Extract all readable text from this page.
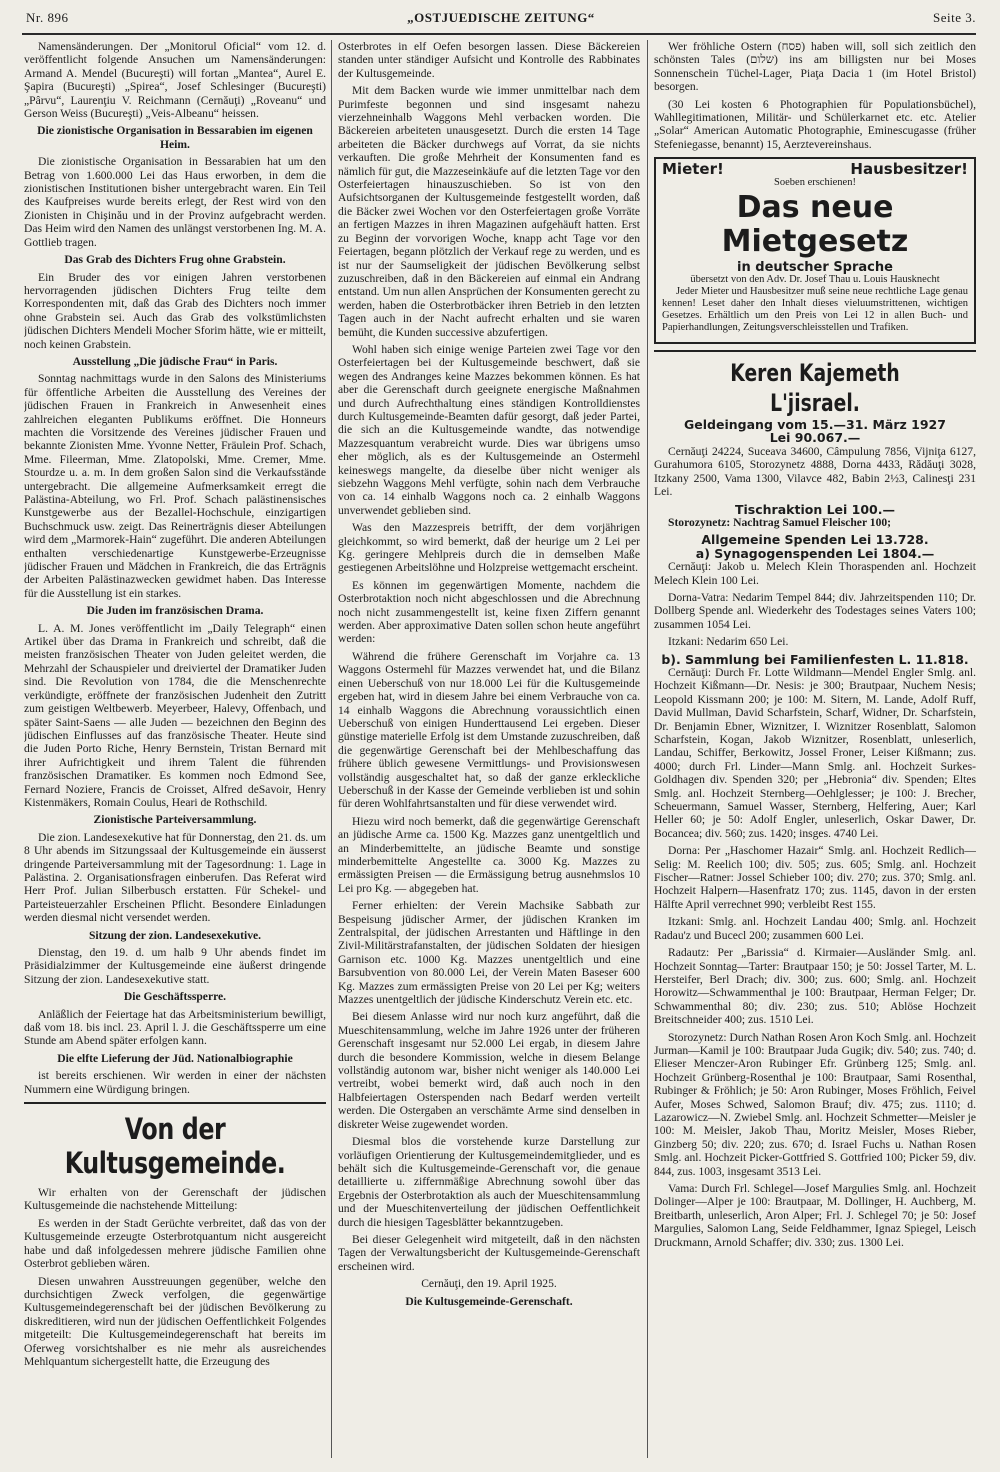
Nr. 896	„OSTJUEDISCHE ZEITUNG“	Seite 3.

Namensänderungen. Der „Monitorul Oficial“ vom 12. d. veröffentlicht folgende Ansuchen um Namensänderungen: Armand A. Mendel (Bucureşti) will fortan „Mantea“, Aurel E. Şapira (Bucureşti) „Spirea“, Josef Schlesinger (Bucureşti) „Pârvu“, Laurenţiu V. Reichmann (Cernăuţi) „Roveanu“ und Gerson Weiss (Bucureşti) „Veis-Albeanu“ heissen.

Die zionistische Organisation in Bessarabien im eigenen Heim.

Die zionistische Organisation in Bessarabien hat um den Betrag von 1.600.000 Lei das Haus erworben, in dem die zionistischen Institutionen bisher untergebracht waren. Ein Teil des Kaufpreises wurde bereits erlegt, der Rest wird von den Zionisten in Chişinău und in der Provinz aufgebracht werden. Das Heim wird den Namen des unlängst verstorbenen Ing. M. A. Gottlieb tragen.

Das Grab des Dichters Frug ohne Grabstein.

Ein Bruder des vor einigen Jahren verstorbenen hervorragenden jüdischen Dichters Frug teilte dem Korrespondenten mit, daß das Grab des Dichters noch immer ohne Grabstein sei. Auch das Grab des volkstümlichsten jüdischen Dichters Mendeli Mocher Sforim hätte, wie er mitteilt, noch keinen Grabstein.

Ausstellung „Die jüdische Frau“ in Paris.

Sonntag nachmittags wurde in den Salons des Ministeriums für öffentliche Arbeiten die Ausstellung des Vereines der jüdischen Frauen in Frankreich in Anwesenheit eines zahlreichen eleganten Publikums eröffnet. Die Honneurs machten die Vorsitzende des Vereines jüdischer Frauen und bekannte Zionisten Mme. Yvonne Netter, Fräulein Prof. Schach, Mme. Fileerman, Mme. Zlatopolski, Mme. Cremer, Mme. Stourdze u. a. m. In dem großen Salon sind die Verkaufsstände untergebracht. Die allgemeine Aufmerksamkeit erregt die Palästina-Abteilung, wo Frl. Prof. Schach palästinensisches Kunstgewerbe aus der Bezallel-Hochschule, einzigartigen Buchschmuck usw. zeigt. Das Reinerträgnis dieser Abteilungen wird dem „Marmorek-Hain“ zugeführt. Die anderen Abteilungen enthalten verschiedenartige Kunstgewerbe-Erzeugnisse jüdischer Frauen und Mädchen in Frankreich, die das Erträgnis der Arbeiten Palästinazwecken gewidmet haben. Das Interesse für die Ausstellung ist ein starkes.

Die Juden im französischen Drama.

L. A. M. Jones veröffentlicht im „Daily Telegraph“ einen Artikel über das Drama in Frankreich und schreibt, daß die meisten französischen Theater von Juden geleitet werden, die Mehrzahl der Schauspieler und dreiviertel der Dramatiker Juden sind. Die Revolution von 1784, die die Menschenrechte verkündigte, eröffnete der französischen Judenheit den Zutritt zum geistigen Weltbewerb. Meyerbeer, Halevy, Offenbach, und später Saint-Saens — alle Juden — bezeichnen den Beginn des jüdischen Einflusses auf das französische Theater. Heute sind die Juden Porto Riche, Henry Bernstein, Tristan Bernard mit ihrer Aufrichtigkeit und ihrem Talent die führenden französischen Dramatiker. Es kommen noch Edmond See, Fernard Noziere, Francis de Croisset, Alfred deSavoir, Henry Kistenmäkers, Romain Coulus, Heari de Rothschild.

Zionistische Parteiversammlung.

Die zion. Landesexekutive hat für Donnerstag, den 21. ds. um 8 Uhr abends im Sitzungssaal der Kultusgemeinde ein äusserst dringende Parteiversammlung mit der Tagesordnung: 1. Lage in Palästina. 2. Organisationsfragen einberufen. Das Referat wird Herr Prof. Julian Silberbusch erstatten. Für Schekel- und Parteisteuerzahler Erscheinen Pflicht. Besondere Einladungen werden diesmal nicht versendet werden.

Sitzung der zion. Landesexekutive.

Dienstag, den 19. d. um halb 9 Uhr abends findet im Präsidialzimmer der Kultusgemeinde eine äußerst dringende Sitzung der zion. Landesexekutive statt.

Die Geschäftssperre.

Anläßlich der Feiertage hat das Arbeitsministerium bewilligt, daß vom 18. bis incl. 23. April l. J. die Geschäftssperre um eine Stunde am Abend später erfolgen kann.

Die elfte Lieferung der Jüd. Nationalbiographie

ist bereits erschienen. Wir werden in einer der nächsten Nummern eine Würdigung bringen.

Von der Kultusgemeinde.

Wir erhalten von der Gerenschaft der jüdischen Kultusgemeinde die nachstehende Mitteilung:

Es werden in der Stadt Gerüchte verbreitet, daß das von der Kultusgemeinde erzeugte Osterbrotquantum nicht ausgereicht habe und daß infolgedessen mehrere jüdische Familien ohne Osterbrot geblieben wären.

Diesen unwahren Ausstreuungen gegenüber, welche den durchsichtigen Zweck verfolgen, die gegenwärtige Kultusgemeindegerenschaft bei der jüdischen Bevölkerung zu diskreditieren, wird nun der jüdischen Oeffentlichkeit Folgendes mitgeteilt: Die Kultusgemeindegerenschaft hat bereits im Oferweg vorsichtshalber es nie mehr als ausreichendes Mehlquantum sichergestellt hatte, die Erzeugung des

Osterbrotes in elf Oefen besorgen lassen. Diese Bäckereien standen unter ständiger Aufsicht und Kontrolle des Rabbinates der Kultusgemeinde.

Mit dem Backen wurde wie immer unmittelbar nach dem Purimfeste begonnen und sind insgesamt nahezu vierzehneinhalb Waggons Mehl verbacken worden. Die Bäckereien arbeiteten unausgesetzt. Durch die ersten 14 Tage arbeiteten die Bäcker durchwegs auf Vorrat, da sie nichts verkauften. Die große Mehrheit der Konsumenten fand es nämlich für gut, die Mazzeseinkäufe auf die letzten Tage vor den Osterfeiertagen hinauszuschieben. So ist von den Aufsichtsorganen der Kultusgemeinde festgestellt worden, daß die Bäcker zwei Wochen vor den Osterfeiertagen große Vorräte an fertigen Mazzes in ihren Magazinen aufgehäuft hatten. Erst zu Beginn der vorvorigen Woche, knapp acht Tage vor den Feiertagen, begann plötzlich der Verkauf rege zu werden, und es ist nur der Saumseligkeit der jüdischen Bevölkerung selbst zuzuschreiben, daß in den Bäckereien auf einmal ein Andrang entstand. Um nun allen Ansprüchen der Konsumenten gerecht zu werden, haben die Osterbrotbäcker ihren Betrieb in den letzten Tagen auch in der Nacht aufrecht erhalten und sie waren bemüht, die Kunden successive abzufertigen.

Wohl haben sich einige wenige Parteien zwei Tage vor den Osterfeiertagen bei der Kultusgemeinde beschwert, daß sie wegen des Andranges keine Mazzes bekommen können. Es hat aber die Gerenschaft durch geeignete energische Maßnahmen und durch Aufrechthaltung eines ständigen Kontrolldienstes durch Kultusgemeinde-Beamten dafür gesorgt, daß jeder Partei, die sich an die Kultusgemeinde wandte, das notwendige Mazzesquantum verabreicht wurde. Dies war übrigens umso eher möglich, als es der Kultusgemeinde an Ostermehl keineswegs mangelte, da dieselbe über nicht weniger als siebzehn Waggons Mehl verfügte, sohin nach dem Verbrauche von ca. 14 einhalb Waggons noch ca. 2 einhalb Waggons unverwendet geblieben sind.

Was den Mazzespreis betrifft, der dem vorjährigen gleichkommt, so wird bemerkt, daß der heurige um 2 Lei per Kg. geringere Mehlpreis durch die in demselben Maße gestiegenen Arbeitslöhne und Holzpreise wettgemacht erscheint.

Es können im gegenwärtigen Momente, nachdem die Osterbrotaktion noch nicht abgeschlossen und die Abrechnung noch nicht zusammengestellt ist, keine fixen Ziffern genannt werden. Aber approximative Daten sollen schon heute angeführt werden:

Während die frühere Gerenschaft im Vorjahre ca. 13 Waggons Ostermehl für Mazzes verwendet hat, und die Bilanz einen Ueberschuß von nur 18.000 Lei für die Kultusgemeinde ergeben hat, wird in diesem Jahre bei einem Verbrauche von ca. 14 einhalb Waggons die Abrechnung voraussichtlich einen Ueberschuß von einigen Hunderttausend Lei ergeben. Dieser günstige materielle Erfolg ist dem Umstande zuzuschreiben, daß die gegenwärtige Gerenschaft bei der Mehlbeschaffung das frühere üblich gewesene Vermittlungs- und Provisionswesen vollständig ausgeschaltet hat, so daß der ganze erkleckliche Ueberschuß in der Kasse der Gemeinde verblieben ist und sohin für deren Wohlfahrtsanstalten und für diese verwendet wird.

Hiezu wird noch bemerkt, daß die gegenwärtige Gerenschaft an jüdische Arme ca. 1500 Kg. Mazzes ganz unentgeltlich und an Minderbemittelte, an jüdische Beamte und sonstige minderbemittelte Angestellte ca. 3000 Kg. Mazzes zu ermässigten Preisen — die Ermässigung betrug ausnehmslos 10 Lei pro Kg. — abgegeben hat.

Ferner erhielten: der Verein Machsike Sabbath zur Bespeisung jüdischer Armer, der jüdischen Kranken im Zentralspital, der jüdischen Arrestanten und Häftlinge in den Zivil-Militärstrafanstalten, der jüdischen Soldaten der hiesigen Garnison etc. 1000 Kg. Mazzes unentgeltlich und eine Barsubvention von 80.000 Lei, der Verein Maten Baseser 600 Kg. Mazzes zum ermässigten Preise von 20 Lei per Kg; weiters Mazzes unentgeltlich der jüdische Kinderschutz Verein etc. etc.

Bei diesem Anlasse wird nur noch kurz angeführt, daß die Mueschitensammlung, welche im Jahre 1926 unter der früheren Gerenschaft insgesamt nur 52.000 Lei ergab, in diesem Jahre durch die besondere Kommission, welche in diesem Belange vollständig autonom war, bisher nicht weniger als 140.000 Lei vertreibt, wobei bemerkt wird, daß auch noch in den Halbfeiertagen Osterspenden nach Bedarf werden verteilt werden. Die Ostergaben an verschämte Arme sind denselben in diskreter Weise zugewendet worden.

Diesmal blos die vorstehende kurze Darstellung zur vorläufigen Orientierung der Kultusgemeindemitglieder, und es behält sich die Kultusgemeinde-Gerenschaft vor, die genaue detaillierte u. ziffernmäßige Abrechnung sowohl über das Ergebnis der Osterbrotaktion als auch der Mueschitensammlung und der Mueschitenverteilung der jüdischen Oeffentlichkeit durch die hiesigen Tagesblätter bekanntzugeben.

Bei dieser Gelegenheit wird mitgeteilt, daß in den nächsten Tagen der Verwaltungsbericht der Kultusgemeinde-Gerenschaft erscheinen wird.

Cernăuţi, den 19. April 1925.

Die Kultusgemeinde-Gerenschaft.

Wer fröhliche Ostern (פסח) haben will, soll sich zeitlich den schönsten Tales (שלום) ins am billigsten nur bei Moses Sonnenschein Tüchel-Lager, Piaţa Dacia 1 (im Hotel Bristol) besorgen.

(30 Lei kosten 6 Photographien für Populationsbüchel), Wahllegitimationen, Militär- und Schülerkarnet etc. etc. Atelier „Solar“ American Automatic Photographie, Eminescugasse (früher Stefeniegasse, benannt) 15, Aerztevereinshaus.

Mieter!	Hausbesitzer!
Soeben erschienen!
Das neue Mietgesetz
in deutscher Sprache
übersetzt von den Adv. Dr. Josef Thau u. Louis Hausknecht

Jeder Mieter und Hausbesitzer muß seine neue rechtliche Lage genau kennen! Leset daher den Inhalt dieses vieluumstrittenen, wichtigen Gesetzes. Erhältlich um den Preis von Lei 12 in allen Buch- und Papierhandlungen, Zeitungsverschleisstellen und Trafiken.

Keren Kajemeth L'jisrael.
Geldeingang vom 15.—31. März 1927
Lei 90.067.—

Cernăuţi 24224, Suceava 34600, Câmpulung 7856, Vijniţa 6127, Gurahumora 6105, Storozynetz 4888, Dorna 4433, Rădăuţi 3028, Itzkany 2500, Vama 1300, Vilavce 482, Babin 2½3, Calinesţi 231 Lei.

Tischraktion Lei 100.—

Storozynetz: Nachtrag Samuel Fleischer 100;

Allgemeine Spenden Lei 13.728.
a) Synagogenspenden Lei 1804.—

Cernăuţi: Jakob u. Melech Klein Thoraspenden anl. Hochzeit Melech Klein 100 Lei.

Dorna-Vatra: Nedarim Tempel 844; div. Jahrzeitspenden 110; Dr. Dollberg Spende anl. Wiederkehr des Todestages seines Vaters 100; zusammen 1054 Lei.

Itzkani: Nedarim 650 Lei.

b). Sammlung bei Familienfesten L. 11.818.

Cernăuţi: Durch Fr. Lotte Wildmann—Mendel Engler Smlg. anl. Hochzeit Kißmann—Dr. Nesis: je 300; Brautpaar, Nuchem Nesis; Leopold Kissmann 200; je 100: M. Sitern, M. Lande, Adolf Ruff, David Mullman, David Scharfstein, Scharf, Widner, Dr. Scharfstein, Dr. Benjamin Ebner, Wiznitzer, I. Wiznitzer Rosenblatt, Salomon Scharfstein, Kogan, Jakob Wiznitzer, Rosenblatt, unleserlich, Landau, Schiffer, Berkowitz, Jossel Froner, Leiser Kißmann; zus. 4000; durch Frl. Linder—Mann Smlg. anl. Hochzeit Surkes-Goldhagen div. Spenden 320; per „Hebronia“ div. Spenden; Eltes Smlg. anl. Hochzeit Sternberg—Oehlglesser; je 100: J. Brecher, Scheuermann, Samuel Wasser, Sternberg, Helfering, Auer; Karl Heller 60; je 50: Adolf Engler, unleserlich, Oskar Dawer, Dr. Bocancea; div. 560; zus. 1420; insges. 4740 Lei.

Dorna: Per „Haschomer Hazair“ Smlg. anl. Hochzeit Redlich—Selig: M. Reelich 100; div. 505; zus. 605; Smlg. anl. Hochzeit Fischer—Ratner: Jossel Schieber 100; div. 270; zus. 370; Smlg. anl. Hochzeit Halpern—Hasenfratz 170; zus. 1145, davon in der ersten Hälfte April verrechnet 990; verbleibt Rest 155.

Itzkani: Smlg. anl. Hochzeit Landau 400; Smlg. anl. Hochzeit Radau'z und Bucecl 200; zusammen 600 Lei.

Radautz: Per „Barissia“ d. Kirmaier—Ausländer Smlg. anl. Hochzeit Sonntag—Tarter: Brautpaar 150; je 50: Jossel Tarter, M. L. Hersteifer, Berl Drach; div. 300; zus. 600; Smlg. anl. Hochzeit Horowitz—Schwammenthal je 100: Brautpaar, Herman Felger; Dr. Schwammenthal 80; div. 230; zus. 510; Ablöse Hochzeit Breitschneider 400; zus. 1510 Lei.

Storozynetz: Durch Nathan Rosen Aron Koch Smlg. anl. Hochzeit Jurman—Kamil je 100: Brautpaar Juda Gugik; div. 540; zus. 740; d. Elieser Menczer-Aron Rubinger Efr. Grünberg 125; Smlg. anl. Hochzeit Grünberg-Rosenthal je 100: Brautpaar, Sami Rosenthal, Rubinger & Fröhlich; je 50: Aron Rubinger, Moses Fröhlich, Feivel Aufer, Moses Schwed, Salomon Brauf; div. 475; zus. 1110; d. Lazarowicz—N. Zwiebel Smlg. anl. Hochzeit Schmetter—Meisler je 100: M. Meisler, Jakob Thau, Moritz Meisler, Moses Rieber, Ginzberg 50; div. 220; zus. 670; d. Israel Fuchs u. Nathan Rosen Smlg. anl. Hochzeit Picker-Gottfried S. Gottfried 100; Picker 59, div. 844, zus. 1003, insgesamt 3513 Lei.

Vama: Durch Frl. Schlegel—Josef Margulies Smlg. anl. Hochzeit Dolinger—Alper je 100: Brautpaar, M. Dollinger, H. Auchberg, M. Breitbarth, unleserlich, Aron Alper; Frl. J. Schlegel 70; je 50: Josef Margulies, Salomon Lang, Seide Feldhammer, Ignaz Spiegel, Leisch Druckmann, Arnold Schaffer; div. 330; zus. 1300 Lei.
